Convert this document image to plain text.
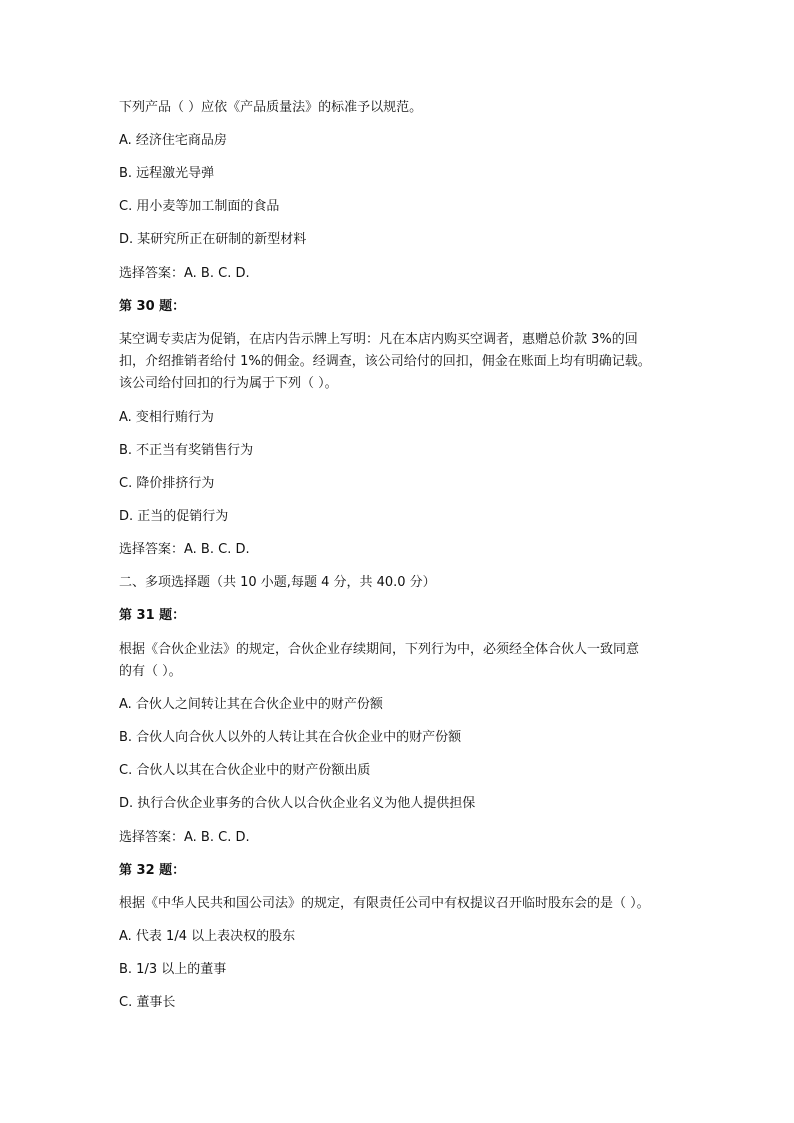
下列产品（ ）应依《产品质量法》的标准予以规范。
A. 经济住宅商品房
B. 远程激光导弹
C. 用小麦等加工制面的食品
D. 某研究所正在研制的新型材料
选择答案：A. B. C. D.
第 30 题：
某空调专卖店为促销，在店内告示牌上写明：凡在本店内购买空调者，惠赠总价款 3%的回
扣，介绍推销者给付 1%的佣金。经调查，该公司给付的回扣，佣金在账面上均有明确记载。
该公司给付回扣的行为属于下列（ ）。
A. 变相行贿行为
B. 不正当有奖销售行为
C. 降价排挤行为
D. 正当的促销行为
选择答案：A. B. C. D.
二、多项选择题（共 10 小题,每题 4 分，共 40.0 分）
第 31 题：
根据《合伙企业法》的规定，合伙企业存续期间，下列行为中，必须经全体合伙人一致同意
的有（ ）。
A. 合伙人之间转让其在合伙企业中的财产份额
B. 合伙人向合伙人以外的人转让其在合伙企业中的财产份额
C. 合伙人以其在合伙企业中的财产份额出质
D. 执行合伙企业事务的合伙人以合伙企业名义为他人提供担保
选择答案：A. B. C. D.
第 32 题：
根据《中华人民共和国公司法》的规定，有限责任公司中有权提议召开临时股东会的是（ ）。
A. 代表 1/4 以上表决权的股东
B. 1/3 以上的董事
C. 董事长
